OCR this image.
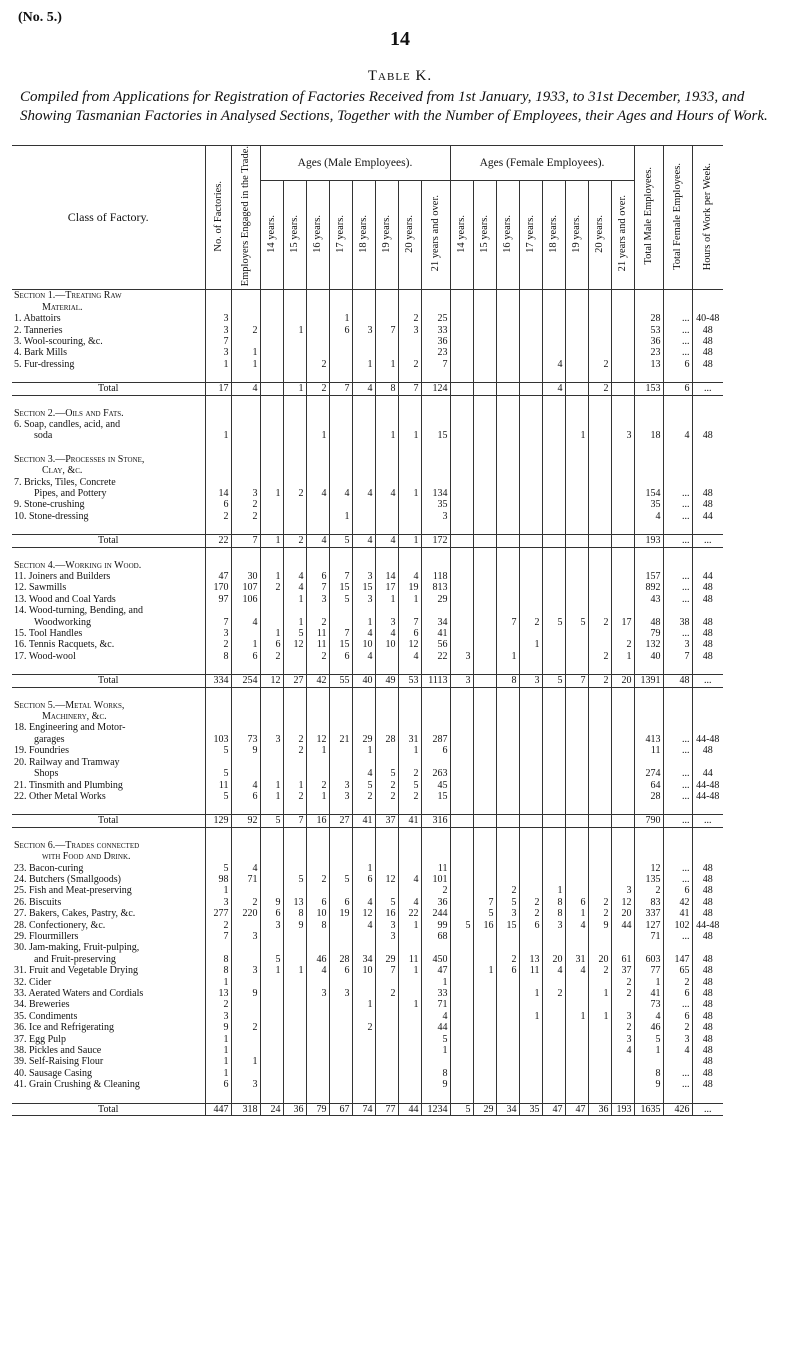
(No. 5.)
14
Table K.
Compiled from Applications for Registration of Factories Received from 1st January, 1933, to 31st December, 1933, and Showing Tasmanian Factories in Analysed Sections, Together with the Number of Employees, their Ages and Hours of Work.
Class of Factory.	No. of Factories.	Employers Engaged in the Trade.	Ages (Male Employees).								Ages (Female Employees).								Total Male Employees.	Total Female Employees.	Hours of Work per Week.
			14 years.	15 years.	16 years.	17 years.	18 years.	19 years.	20 years.	21 years and over.	14 years.	15 years.	16 years.	17 years.	18 years.	19 years.	20 years.	21 years and over.			
Section 1.—Treating Raw																					
Material.																					
1. Abattoirs	3					1			2	25									28	...	40-48
2. Tanneries	3	2		1		6	3	7	3	33									53	...	48
3. Wool-scouring, &c.	7									36									36	...	48
4. Bark Mills	3	1								23									23	...	48
5. Fur-dressing	1	1			2		1	1	2	7					4		2		13	6	48

Total	17	4		1	2	7	4	8	7	124					4		2		153	6	...

Section 2.—Oils and Fats.																					
6. Soap, candles, acid, and																					
soda	1				1			1	1	15						1		3	18	4	48

Section 3.—Processes in Stone,																					
Clay, &c.																					
7. Bricks, Tiles, Concrete																					
Pipes, and Pottery	14	3	1	2	4	4	4	4	1	134									154	...	48
9. Stone-crushing	6	2								35									35	...	48
10. Stone-dressing	2	2				1				3									4	...	44

Total	22	7	1	2	4	5	4	4	1	172									193	...	...

Section 4.—Working in Wood.																					
11. Joiners and Builders	47	30	1	4	6	7	3	14	4	118									157	...	44
12. Sawmills	170	107	2	4	7	15	15	17	19	813									892	...	48
13. Wood and Coal Yards	97	106		1	3	5	3	1	1	29									43	...	48
14. Wood-turning, Bending, and																					
Woodworking	7	4		1	2		1	3	7	34			7	2	5	5	2	17	48	38	48
15. Tool Handles	3		1	5	11	7	4	4	6	41									79	...	48
16. Tennis Racquets, &c.	2	1	6	12	11	15	10	10	12	56				1				2	132	3	48
17. Wood-wool	8	6	2		2	6	4		4	22	3		1				2	1	40	7	48

Total	334	254	12	27	42	55	40	49	53	1113	3		8	3	5	7	2	20	1391	48	...

Section 5.—Metal Works,																					
Machinery, &c.																					
18. Engineering and Motor-																					
garages	103	73	3	2	12	21	29	28	31	287									413	...	44-48
19. Foundries	5	9		2	1		1		1	6									11	...	48
20. Railway and Tramway																					
Shops	5						4	5	2	263									274	...	44
21. Tinsmith and Plumbing	11	4	1	1	2	3	5	2	5	45									64	...	44-48
22. Other Metal Works	5	6	1	2	1	3	2	2	2	15									28	...	44-48

Total	129	92	5	7	16	27	41	37	41	316									790	...	...

Section 6.—Trades connected																					
with Food and Drink.																					
23. Bacon-curing	5	4					1			11									12	...	48
24. Butchers (Smallgoods)	98	71		5	2	5	6	12	4	101									135	...	48
25. Fish and Meat-preserving	1									2			2		1			3	2	6	48
26. Biscuits	3	2	9	13	6	6	4	5	4	36		7	5	2	8	6	2	12	83	42	48
27. Bakers, Cakes, Pastry, &c.	277	220	6	8	10	19	12	16	22	244		5	3	2	8	1	2	20	337	41	48
28. Confectionery, &c.	2		3	9	8		4	3	1	99	5	16	15	6	3	4	9	44	127	102	44-48
29. Flourmillers	7	3						3		68									71	...	48
30. Jam-making, Fruit-pulping,																					
and Fruit-preserving	8		5		46	28	34	29	11	450			2	13	20	31	20	61	603	147	48
31. Fruit and Vegetable Drying	8	3	1	1	4	6	10	7	1	47		1	6	11	4	4	2	37	77	65	48
32. Cider	1									1								2	1	2	48
33. Aerated Waters and Cordials	13	9			3	3		2		33				1	2		1	2	41	6	48
34. Breweries	2						1		1	71									73	...	48
35. Condiments	3									4				1		1	1	3	4	6	48
36. Ice and Refrigerating	9	2					2			44								2	46	2	48
37. Egg Pulp	1									5								3	5	3	48
38. Pickles and Sauce	1									1								4	1	4	48
39. Self-Raising Flour	1	1																			48
40. Sausage Casing	1									8									8	...	48
41. Grain Crushing & Cleaning	6	3								9									9	...	48

Total	447	318	24	36	79	67	74	77	44	1234	5	29	34	35	47	47	36	193	1635	426	...
